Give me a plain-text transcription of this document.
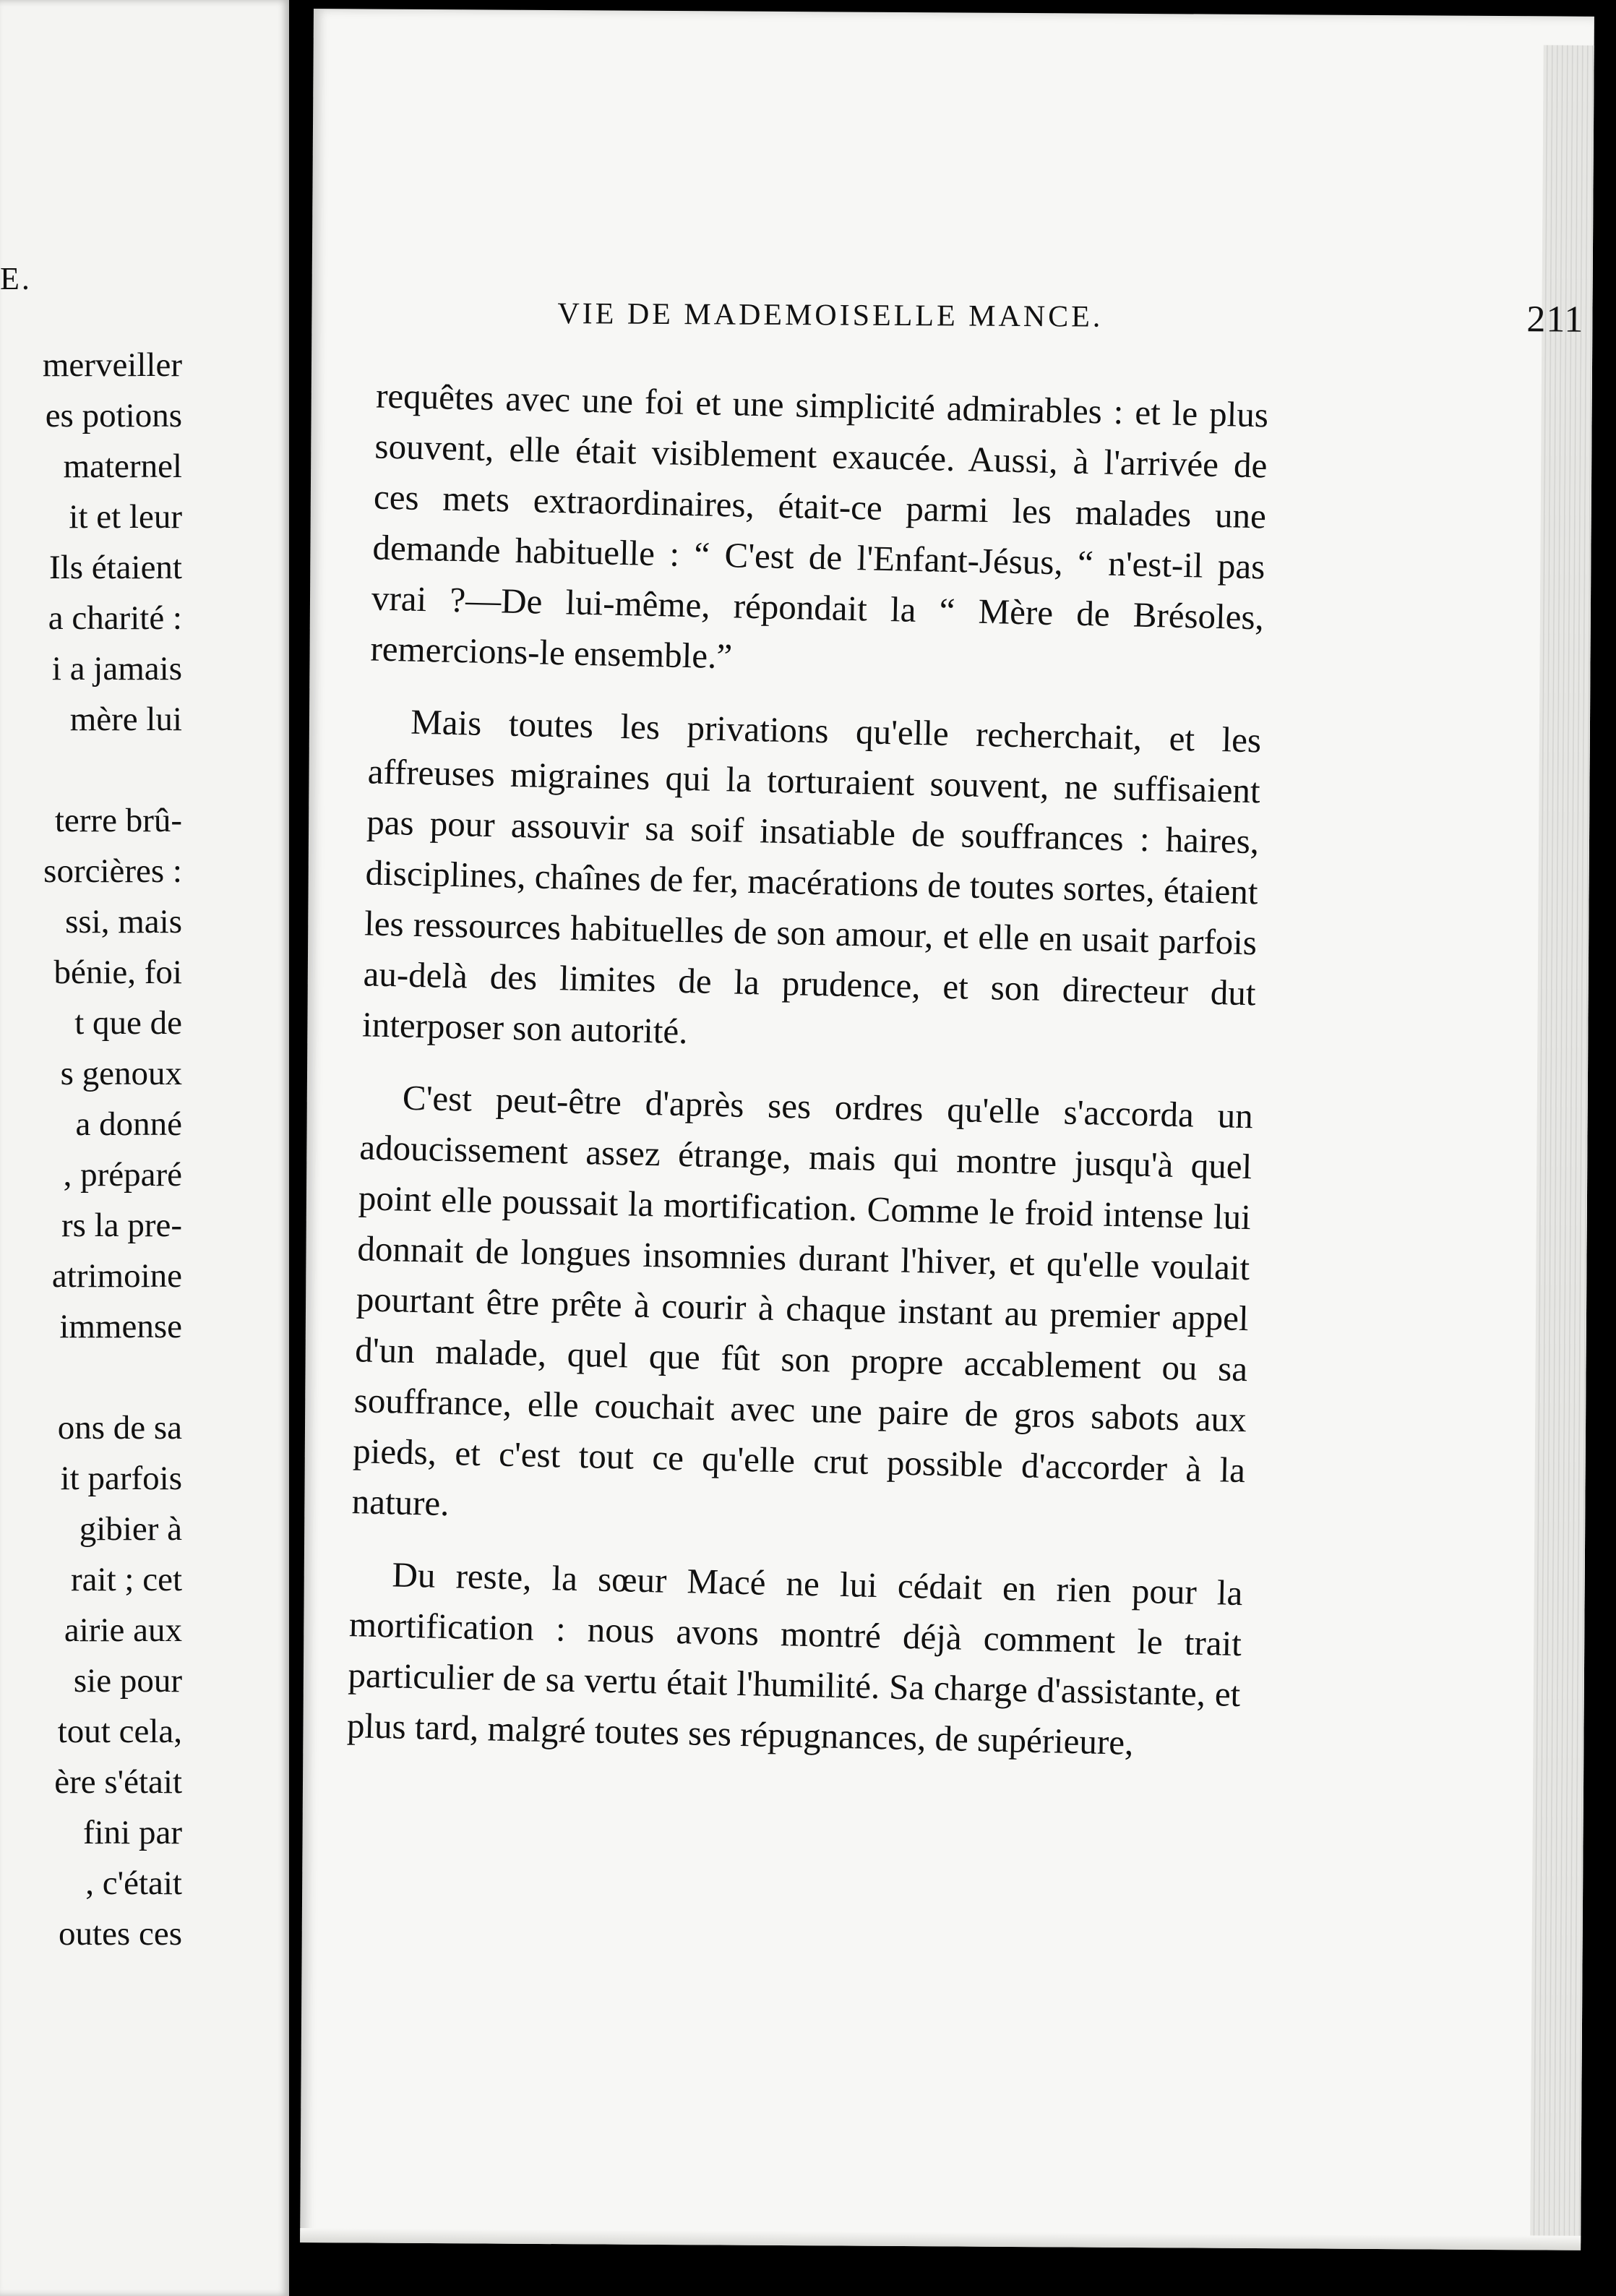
E.
merveiller
es potions
maternel
it et leur
Ils étaient
a charité :
i a jamais
mère lui
terre brû-
sorcières :
ssi, mais
bénie, foi
t que de
s genoux
a donné
, préparé
rs la pre-
atrimoine
immense
ons de sa
it parfois
gibier à
rait ; cet
airie aux
sie pour
tout cela,
ère s'était
fini par
, c'était
outes ces
VIE DE MADEMOISELLE MANCE.	211

requêtes avec une foi et une simplicité admirables : et le plus souvent, elle était visiblement exaucée. Aussi, à l'arrivée de ces mets extraordinaires, était-ce parmi les malades une demande habituelle : “ C'est de l'Enfant-Jésus, “ n'est-il pas vrai ?—De lui-même, répondait la “ Mère de Brésoles, remercions-le ensemble.”

Mais toutes les privations qu'elle recherchait, et les affreuses migraines qui la torturaient souvent, ne suffisaient pas pour assouvir sa soif insatiable de souffrances : haires, disciplines, chaînes de fer, macérations de toutes sortes, étaient les ressources habituelles de son amour, et elle en usait parfois au-delà des limites de la prudence, et son directeur dut interposer son autorité.

C'est peut-être d'après ses ordres qu'elle s'accorda un adoucissement assez étrange, mais qui montre jusqu'à quel point elle poussait la mortification. Comme le froid intense lui donnait de longues insomnies durant l'hiver, et qu'elle voulait pourtant être prête à courir à chaque instant au premier appel d'un malade, quel que fût son propre accablement ou sa souffrance, elle couchait avec une paire de gros sabots aux pieds, et c'est tout ce qu'elle crut possible d'accorder à la nature.

Du reste, la sœur Macé ne lui cédait en rien pour la mortification : nous avons montré déjà comment le trait particulier de sa vertu était l'humilité. Sa charge d'assistante, et plus tard, malgré toutes ses répugnances, de supérieure,
